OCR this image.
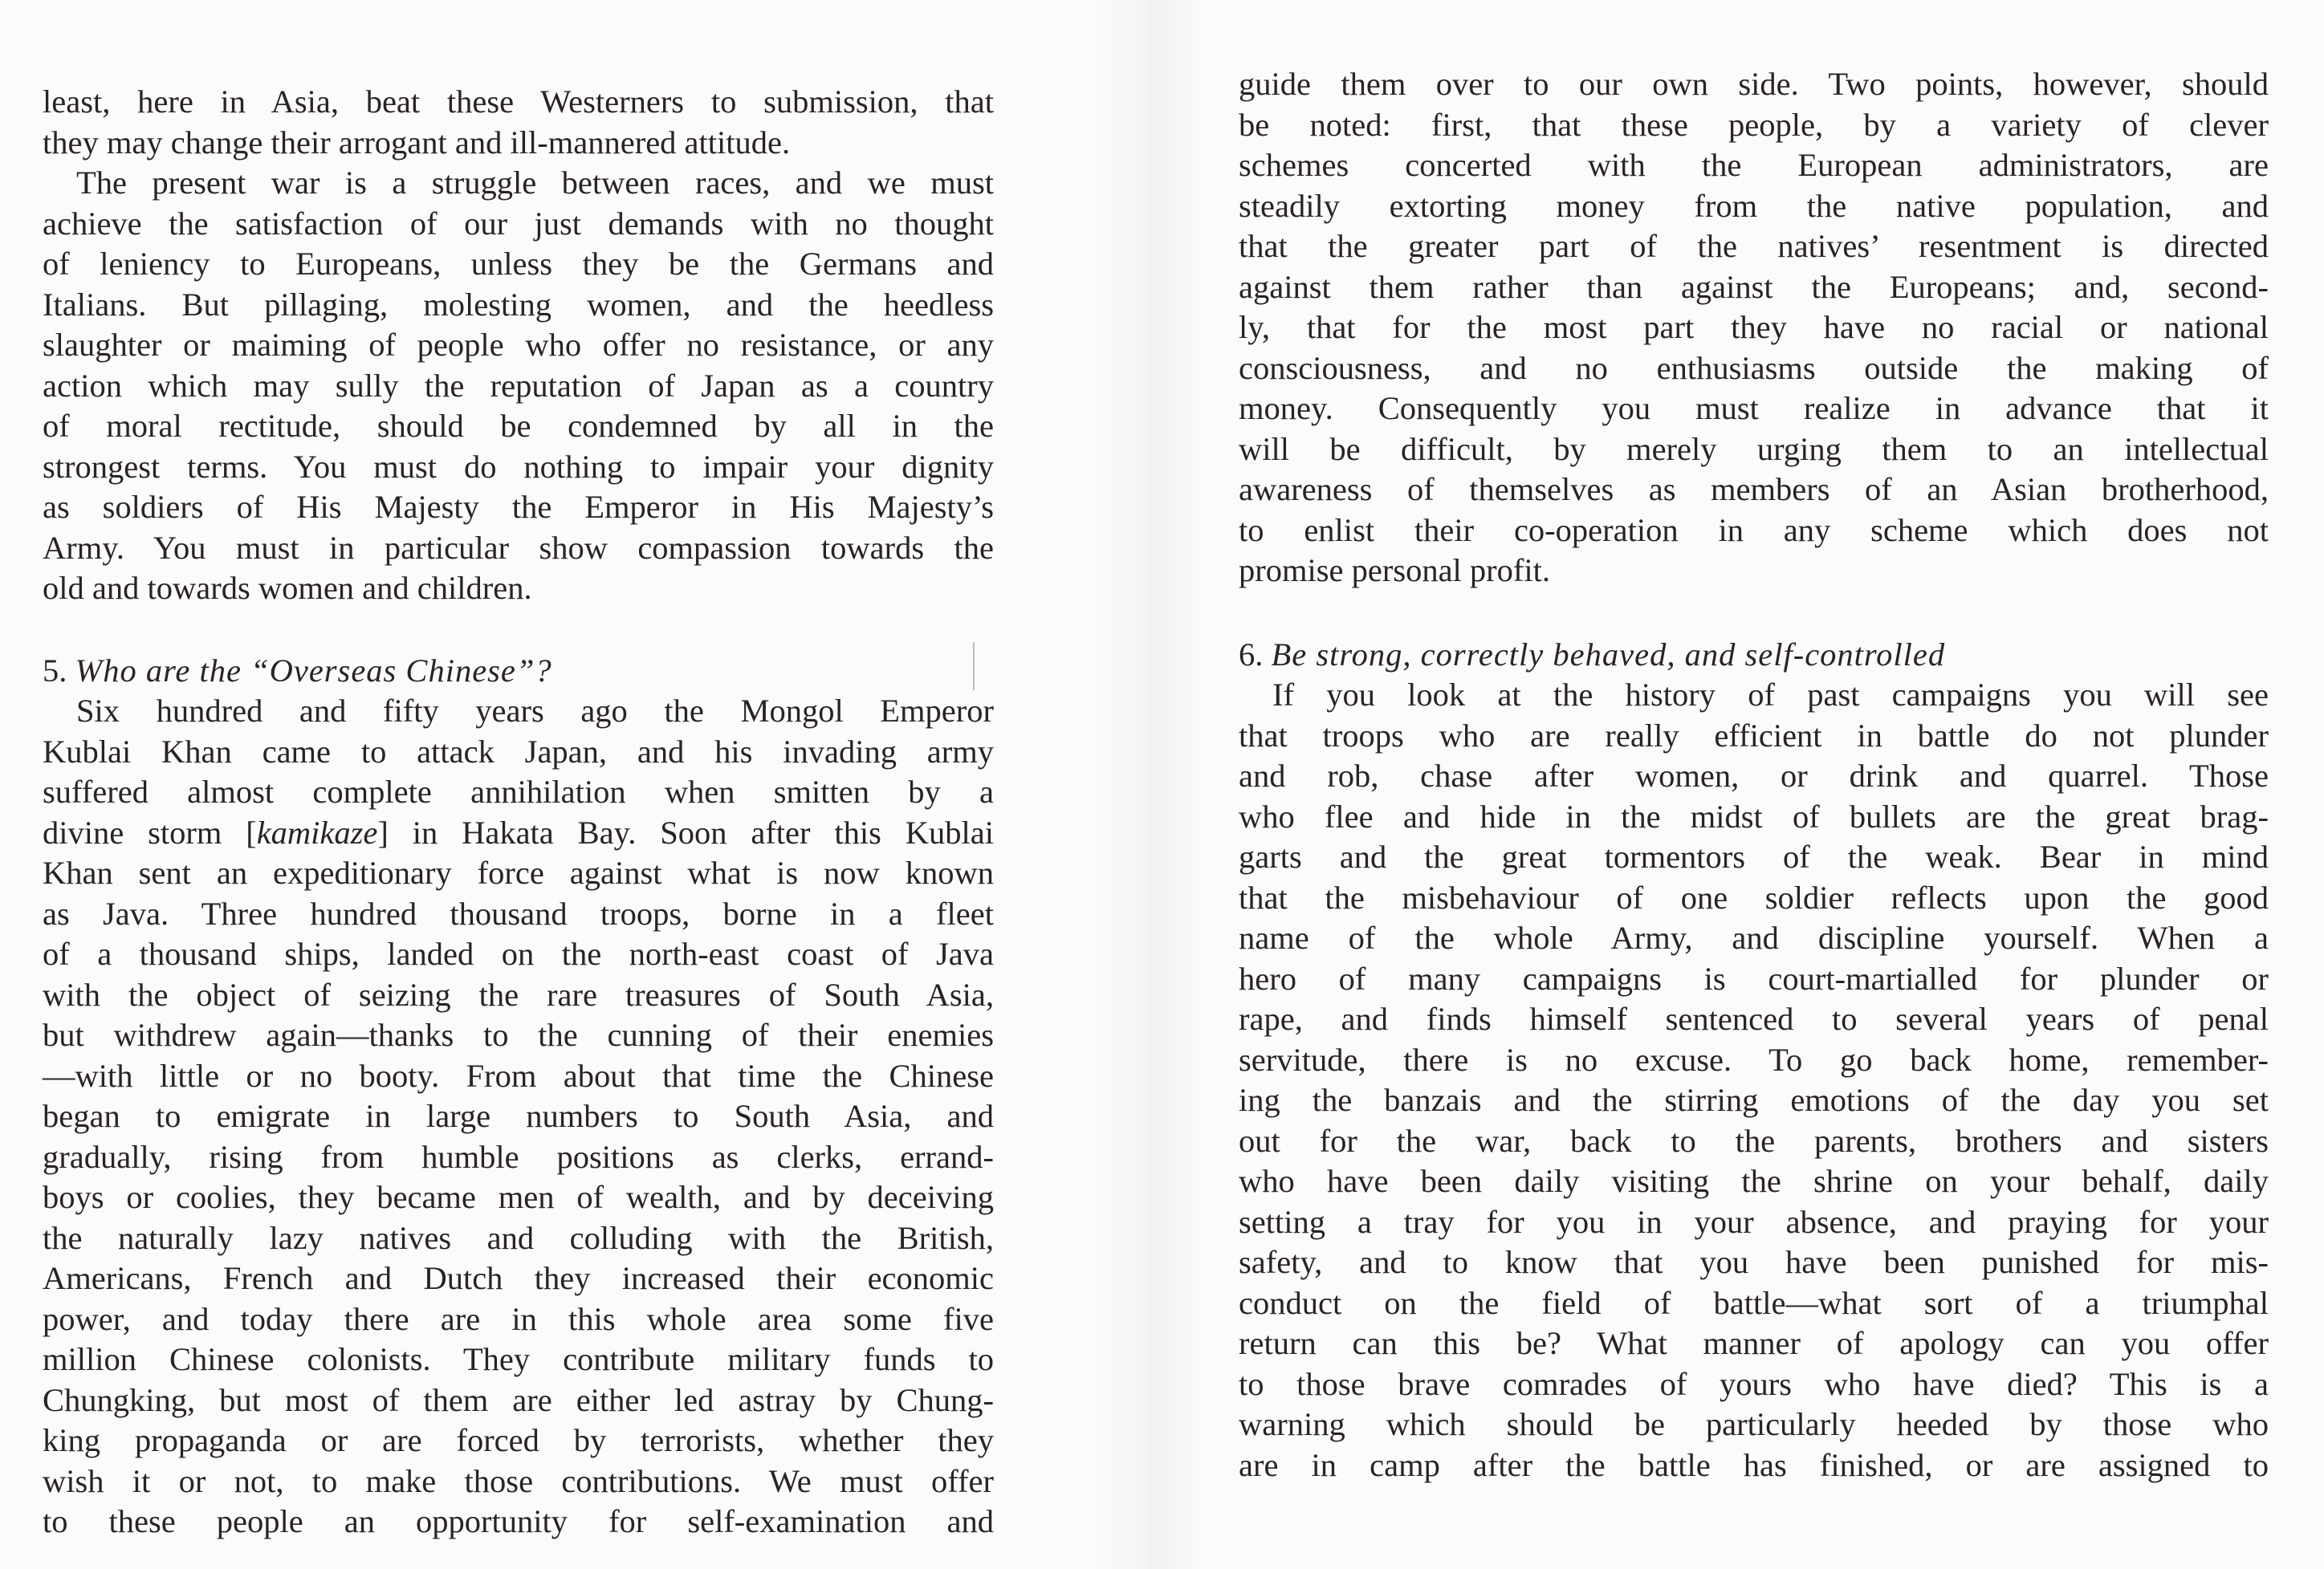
least, here in Asia, beat these Westerners to submission, that
they may change their arrogant and ill-mannered attitude.
The present war is a struggle between races, and we must
achieve the satisfaction of our just demands with no thought
of leniency to Europeans, unless they be the Germans and
Italians. But pillaging, molesting women, and the heedless
slaughter or maiming of people who offer no resistance, or any
action which may sully the reputation of Japan as a country
of moral rectitude, should be condemned by all in the
strongest terms. You must do nothing to impair your dignity
as soldiers of His Majesty the Emperor in His Majesty’s
Army. You must in particular show compassion towards the
old and towards women and children.
5. Who are the “Overseas Chinese”?
Six hundred and fifty years ago the Mongol Emperor
Kublai Khan came to attack Japan, and his invading army
suffered almost complete annihilation when smitten by a
divine storm [kamikaze] in Hakata Bay. Soon after this Kublai
Khan sent an expeditionary force against what is now known
as Java. Three hundred thousand troops, borne in a fleet
of a thousand ships, landed on the north-east coast of Java
with the object of seizing the rare treasures of South Asia,
but withdrew again—thanks to the cunning of their enemies
—with little or no booty. From about that time the Chinese
began to emigrate in large numbers to South Asia, and
gradually, rising from humble positions as clerks, errand-
boys or coolies, they became men of wealth, and by deceiving
the naturally lazy natives and colluding with the British,
Americans, French and Dutch they increased their economic
power, and today there are in this whole area some five
million Chinese colonists. They contribute military funds to
Chungking, but most of them are either led astray by Chung-
king propaganda or are forced by terrorists, whether they
wish it or not, to make those contributions. We must offer
to these people an opportunity for self-examination and
guide them over to our own side. Two points, however, should
be noted: first, that these people, by a variety of clever
schemes concerted with the European administrators, are
steadily extorting money from the native population, and
that the greater part of the natives’ resentment is directed
against them rather than against the Europeans; and, second-
ly, that for the most part they have no racial or national
consciousness, and no enthusiasms outside the making of
money. Consequently you must realize in advance that it
will be difficult, by merely urging them to an intellectual
awareness of themselves as members of an Asian brotherhood,
to enlist their co-operation in any scheme which does not
promise personal profit.
6. Be strong, correctly behaved, and self-controlled
If you look at the history of past campaigns you will see
that troops who are really efficient in battle do not plunder
and rob, chase after women, or drink and quarrel. Those
who flee and hide in the midst of bullets are the great brag-
garts and the great tormentors of the weak. Bear in mind
that the misbehaviour of one soldier reflects upon the good
name of the whole Army, and discipline yourself. When a
hero of many campaigns is court-martialled for plunder or
rape, and finds himself sentenced to several years of penal
servitude, there is no excuse. To go back home, remember-
ing the banzais and the stirring emotions of the day you set
out for the war, back to the parents, brothers and sisters
who have been daily visiting the shrine on your behalf, daily
setting a tray for you in your absence, and praying for your
safety, and to know that you have been punished for mis-
conduct on the field of battle—what sort of a triumphal
return can this be? What manner of apology can you offer
to those brave comrades of yours who have died? This is a
warning which should be particularly heeded by those who
are in camp after the battle has finished, or are assigned to
